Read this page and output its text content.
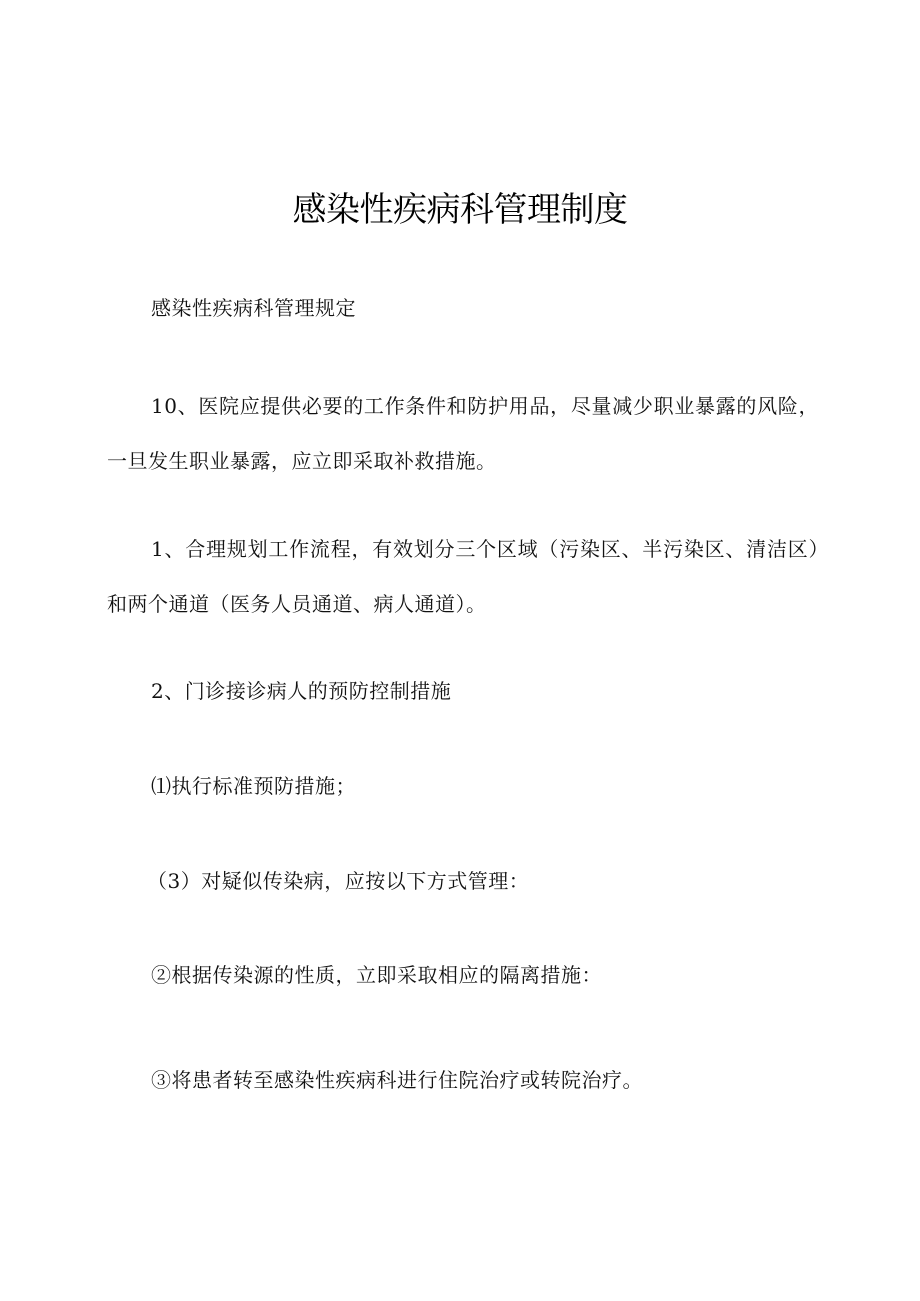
感染性疾病科管理制度
感染性疾病科管理规定
10、医院应提供必要的工作条件和防护用品，尽量减少职业暴露的风险，一旦发生职业暴露，应立即采取补救措施。
1、合理规划工作流程，有效划分三个区域（污染区、半污染区、清洁区）和两个通道（医务人员通道、病人通道）。
2、门诊接诊病人的预防控制措施
⑴执行标准预防措施；
（3）对疑似传染病，应按以下方式管理：
②根据传染源的性质，立即采取相应的隔离措施：
③将患者转至感染性疾病科进行住院治疗或转院治疗。
